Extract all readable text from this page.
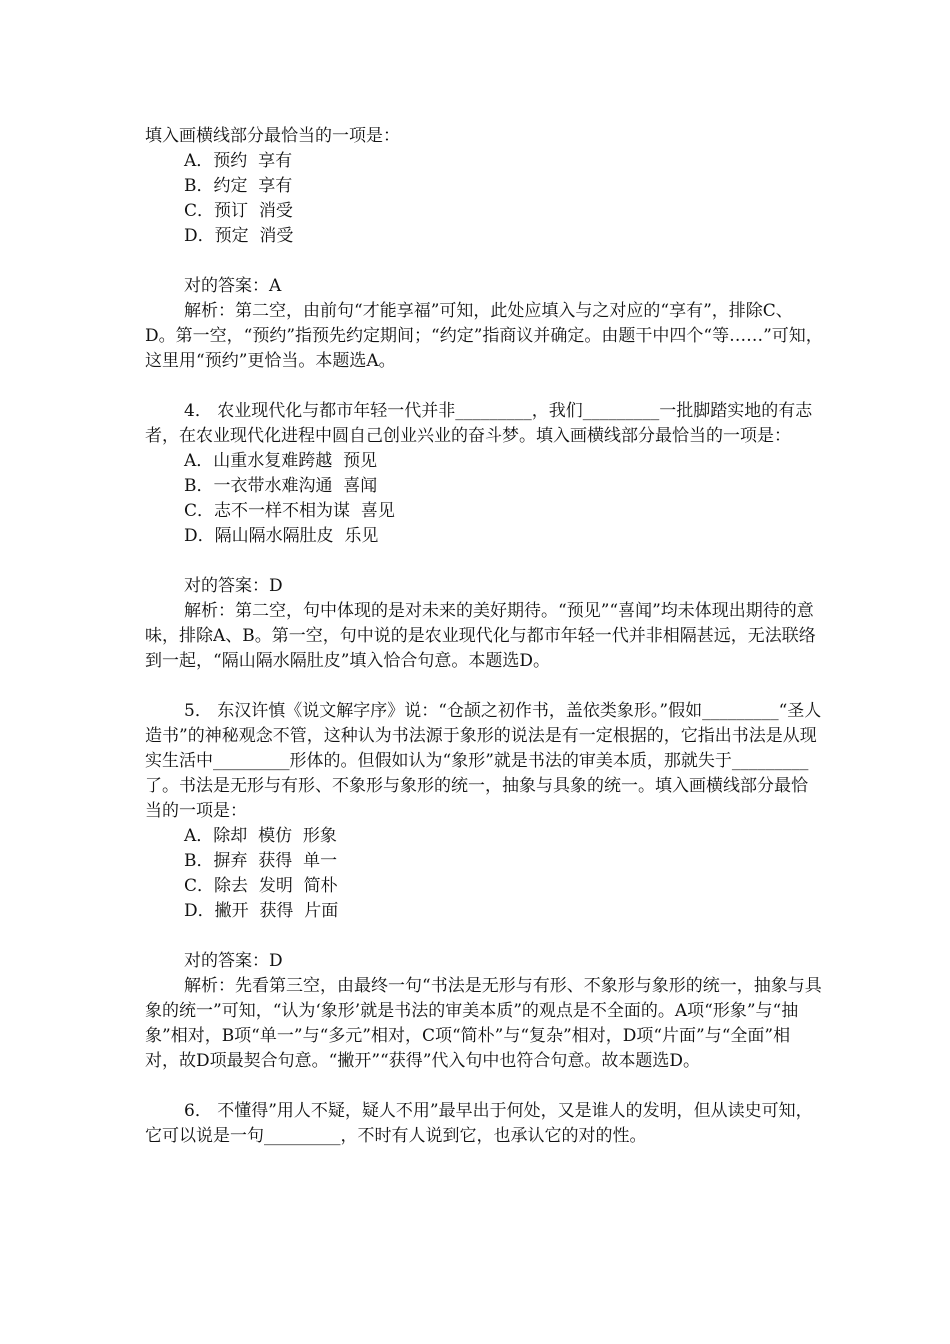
填入画横线部分最恰当的一项是：

A．预约  享有

B．约定  享有

C．预订  消受

D．预定  消受

对的答案：A

解析：第二空，由前句“才能享福”可知，此处应填入与之对应的“享有”，排除C、D。第一空，“预约”指预先约定期间；“约定”指商议并确定。由题干中四个“等……”可知，这里用“预约”更恰当。本题选A。

4． 农业现代化与都市年轻一代并非_________，我们_________一批脚踏实地的有志者，在农业现代化进程中圆自己创业兴业的奋斗梦。填入画横线部分最恰当的一项是：

A．山重水复难跨越  预见

B．一衣带水难沟通  喜闻

C．志不一样不相为谋  喜见

D．隔山隔水隔肚皮  乐见

对的答案：D

解析：第二空，句中体现的是对未来的美好期待。“预见”“喜闻”均未体现出期待的意味，排除A、B。第一空，句中说的是农业现代化与都市年轻一代并非相隔甚远，无法联络到一起，“隔山隔水隔肚皮”填入恰合句意。本题选D。

5． 东汉许慎《说文解字序》说：“仓颉之初作书，盖依类象形。”假如_________“圣人造书”的神秘观念不管，这种认为书法源于象形的说法是有一定根据的，它指出书法是从现实生活中_________形体的。但假如认为“象形”就是书法的审美本质，那就失于_________了。书法是无形与有形、不象形与象形的统一，抽象与具象的统一。填入画横线部分最恰当的一项是：

A．除却  模仿  形象

B．摒弃  获得  单一

C．除去  发明  简朴

D．撇开  获得  片面

对的答案：D

解析：先看第三空，由最终一句“书法是无形与有形、不象形与象形的统一，抽象与具象的统一”可知，“认为‘象形’就是书法的审美本质”的观点是不全面的。A项“形象”与“抽象”相对，B项“单一”与“多元”相对，C项“简朴”与“复杂”相对，D项“片面”与“全面”相对，故D项最契合句意。“撇开”“获得”代入句中也符合句意。故本题选D。

6． 不懂得”用人不疑，疑人不用”最早出于何处，又是谁人的发明，但从读史可知，它可以说是一句_________，不时有人说到它，也承认它的对的性。
